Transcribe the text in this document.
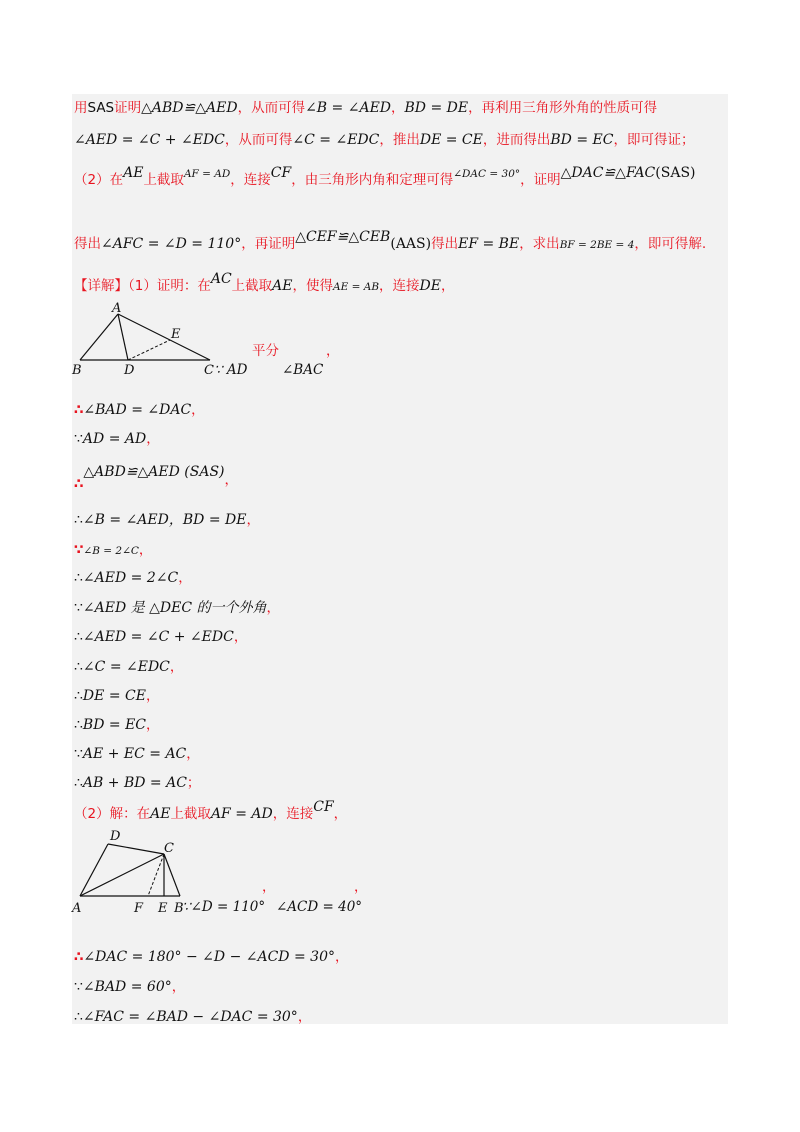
用SAS证明△ABD≌△AED，从而可得∠B = ∠AED，BD = DE，再利用三角形外角的性质可得
∠AED = ∠C + ∠EDC，从而可得∠C = ∠EDC，推出DE = CE，进而得出BD = EC，即可得证；
（2）在AE上截取$^{AF = AD}$，连接CF，由三角形内角和定理可得$^{\angle DAC = 30^\circ}$，证明△DAC≌△FAC(SAS)
得出∠AFC = ∠D = 110°，再证明△CEF≌△CEB(AAS)得出EF = BE，求出BF = 2BE = 4，即可得解.
【详解】（1）证明：在AC上截取AE，使得AE = AB，连接DE，
A
B	D
E
C ∵ AD
平分
∠BAC
，
∴∠BAD = ∠DAC，
∵AD = AD，
∴△ABD≌△AED (SAS)，
∴∠B = ∠AED，BD = DE，
∵∠B = 2∠C，
∴∠AED = 2∠C，
∵∠AED 是 △DEC 的一个外角，
∴∠AED = ∠C + ∠EDC，
∴∠C = ∠EDC，
∴DE = CE，
∴BD = EC，
∵AE + EC = AC，
∴AB + BD = AC；
（2）解：在AE上截取AF = AD，连接CF，
D
C
A	F E B
∵∠D = 110°
，
∠ACD = 40°
，
∴∠DAC = 180° − ∠D − ∠ACD = 30°，
∵∠BAD = 60°，
∴∠FAC = ∠BAD − ∠DAC = 30°，
